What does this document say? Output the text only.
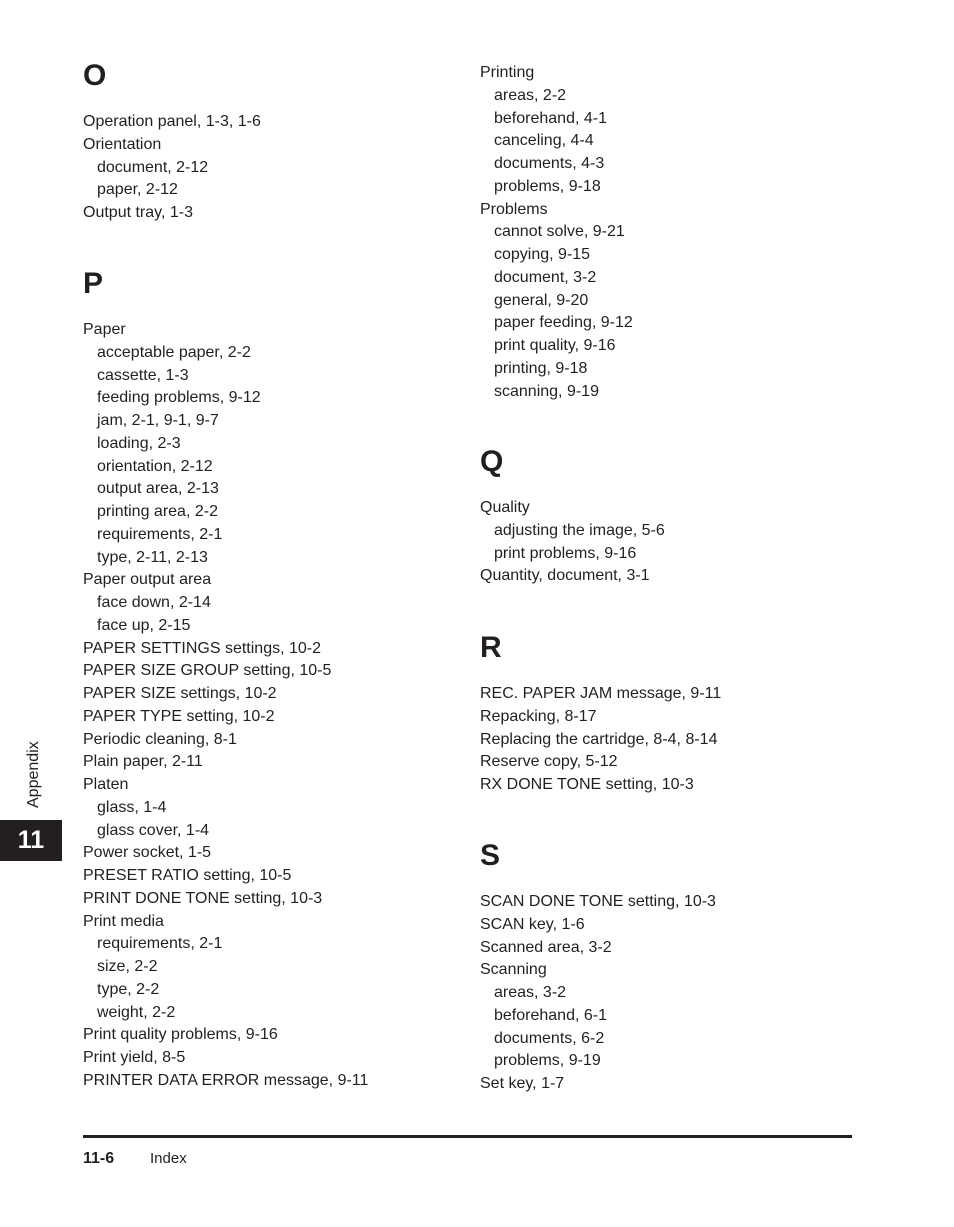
O
Operation panel, 1-3, 1-6
Orientation
document, 2-12
paper, 2-12
Output tray, 1-3
P
Paper
acceptable paper, 2-2
cassette, 1-3
feeding problems, 9-12
jam, 2-1, 9-1, 9-7
loading, 2-3
orientation, 2-12
output area, 2-13
printing area, 2-2
requirements, 2-1
type, 2-11, 2-13
Paper output area
face down, 2-14
face up, 2-15
PAPER SETTINGS settings, 10-2
PAPER SIZE GROUP setting, 10-5
PAPER SIZE settings, 10-2
PAPER TYPE setting, 10-2
Periodic cleaning, 8-1
Plain paper, 2-11
Platen
glass, 1-4
glass cover, 1-4
Power socket, 1-5
PRESET RATIO setting, 10-5
PRINT DONE TONE setting, 10-3
Print media
requirements, 2-1
size, 2-2
type, 2-2
weight, 2-2
Print quality problems, 9-16
Print yield, 8-5
PRINTER DATA ERROR message, 9-11
Printing
areas, 2-2
beforehand, 4-1
canceling, 4-4
documents, 4-3
problems, 9-18
Problems
cannot solve, 9-21
copying, 9-15
document, 3-2
general, 9-20
paper feeding, 9-12
print quality, 9-16
printing, 9-18
scanning, 9-19
Q
Quality
adjusting the image, 5-6
print problems, 9-16
Quantity, document, 3-1
R
REC. PAPER JAM message, 9-11
Repacking, 8-17
Replacing the cartridge, 8-4, 8-14
Reserve copy, 5-12
RX DONE TONE setting, 10-3
S
SCAN DONE TONE setting, 10-3
SCAN key, 1-6
Scanned area, 3-2
Scanning
areas, 3-2
beforehand, 6-1
documents, 6-2
problems, 9-19
Set key, 1-7
Appendix
11
11-6 Index
